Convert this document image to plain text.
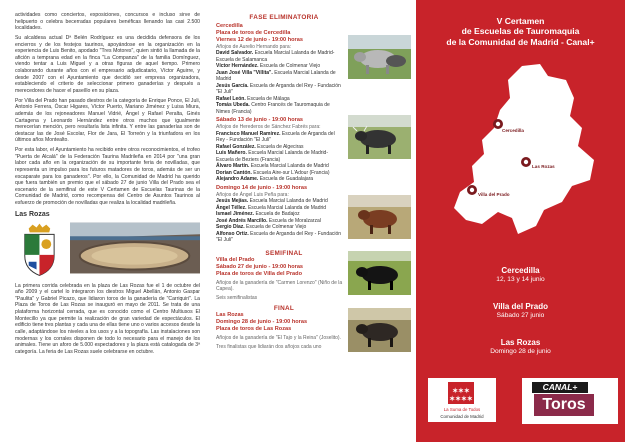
actividades como conciertos, exposiciones, concursos e incluso sirve de helipuerto o celebra becerradas populares benéficas llenando las casi 2.500 localidades.

Su alcaldesa actual Dª Belén Rodríguez es una decidida defensora de los encierros y de los festejos taurinos, apoyándose en la organización en la experiencia de Luis Benito, apodado "Tres Motores", quien sintió la llamada de la afición a temprana edad en la finca "La Companza" de la familia Domínguez, viendo tentar a Luis Miguel y a otras figuras de aquel tiempo. Primero colaborando durante años con el empresario adjudicatario, Víctor Aguirre, y desde 2007 con el Ayuntamiento que decidió ser empresa organizadora, estableciendo el criterio de seleccionar primero ganaderías y después a merecedores de hacer el paseíllo en su plaza.

Por Villa del Prado han pasado diestros de la categoría de Enrique Ponce, El Juli, Antonio Ferrera, Óscar Higares, Víctor Puerto, Mariano Jiménez y Luisa Miura, además de los rejoneadores Manuel Vidrié, Ángel y Rafael Peralta, Ginés Cartagena y Leonardo Hernández entre otros muchos que igualmente merecerían mención, pero resultaría lista infinita. Y entre las ganaderías son de destacar las de José Escolar, Flor de Jara, El Torreón y la triunfadora en los últimos años Montealto.

Por esta labor, el Ayuntamiento ha recibido entre otros reconocimientos, el trofeo "Puerta de Alcalá" de la Federación Taurina Madrileña en 2014 por "una gran labor cada año en la organización de su importante feria de novilladas, que representa un impulso para los futuros matadores de toros, además de ser un escaparate para los ganaderos". Por ello, la Comunidad de Madrid ha querido que fuera también un premio que el sábado 27 de junio Villa del Prado sea el escenario de la semifinal de este V Certamen de Escuelas Taurinas de la Comunidad de Madrid, como recompensa del Centro de Asuntos Taurinos al esfuerzo de promoción de novilladas que realiza la localidad madrileña.

Las Rozas
La primera corrida celebrada en la plaza de Las Rozas fue el 1 de octubre del año 2009 y el cartel lo integraron los diestros Miguel Abellán, Antonio Gaspar "Paulita" y Gabriel Picazo, que lidiaron toros de la ganadería de "Carriquiri". La Plaza de Toros de Las Rozas se inauguró en mayo de 2011. Se trata de una plataforma horizontal cerrada, que es conocido como el Centro Multiusos El Montecillo ya que permite la realización de gran variedad de espectáculos. El edificio tiene tres plantas y cada una de ellas tiene uno o varios accesos desde la calle, adaptándose los niveles a los usos y a la topografía. Las instalaciones son modernas y los corrales disponen de todo lo necesario para el manejo de los animales. Tiene un aforo de 5.000 espectadores y la plaza está catalogada de 3ª categoría. La feria de Las Rozas suele celebrarse en octubre.
FASE ELIMINATORIA
Cercedilla
Plaza de toros de Cercedilla
Viernes 12 de junio - 19:00 horas
Añojos de Aurelio Hernando para:
David Salvador. Escuela Marcial Lalanda de Madrid-Escuela de Salamanca
Víctor Hernández. Escuela de Colmenar Viejo
Juan José Villa "Villita". Escuela Marcial Lalanda de Madrid
Jesús García. Escuela de Arganda del Rey - Fundación "El Juli"
Rafael León. Escuela de Málaga
Tomás Ubeda. Centro Francés de Tauromaquia de Nimes (Francia)
Sábado 13 de junio - 19:00 horas
Añojos de Herederos de Sánchez Fabrés para:
Francisco Manuel Ramírez. Escuela de Arganda del Rey - Fundación "El Juli"
Rafael González. Escuela de Algeciras
Luis Mañero. Escuela Marcial Lalanda de Madrid-Escuela de Beziers (Francia)
Álvaro Martín. Escuela Marcial Lalanda de Madrid
Dorian Cantón. Escuela Aire-sur L'Adour (Francia)
Alejandro Adame. Escuela de Guadalajara
Domingo 14 de junio - 19:00 horas
Añojos de Ángel Luis Peña para:
Jesús Mejías. Escuela Marcial Lalanda de Madrid
Ángel Téllez. Escuela Marcial Lalanda de Madrid
Ismael Jiménez. Escuela de Badajoz
José Andrés Marcillo. Escuela de Moralzarzal
Sergio Díaz. Escuela de Colmenar Viejo
Alfonso Ortiz. Escuela de Arganda del Rey - Fundación "El Juli"
SEMIFINAL
Villa del Prado
Sábado 27 de junio - 19:00 horas
Plaza de toros de Villa del Prado
Añojos de la ganadería de "Carmen Lorenzo" (Niño de la Capea).
Seis semifinalistas
FINAL
Las Rozas
Domingo 28 de junio - 19:00 horas
Plaza de toros de Las Rozas
Añojos de la ganadería de "El Tajo y la Reina" (Joselito).
Tres finalistas que lidiarán dos añojos cada uno
V Certamen
de Escuelas de Tauromaquia
de la Comunidad de Madrid - Canal+
Cercedilla
Las Rozas
Villa del Prado
Cercedilla
12, 13 y 14 junio
Villa del Prado
Sábado 27 junio
Las Rozas
Domingo 28 de junio
✶✶✶
✶✶✶✶
La Suma de Todos
Comunidad de Madrid
CANAL+
Toros
